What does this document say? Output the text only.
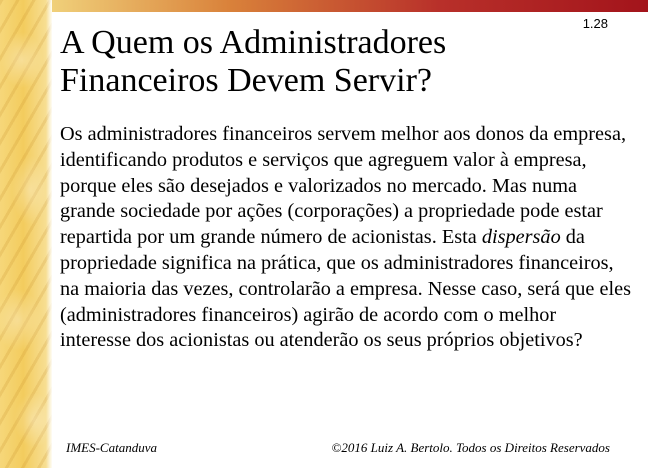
A Quem os Administradores
Financeiros Devem Servir?
1.28

Os administradores financeiros servem melhor aos donos da empresa, identificando produtos e serviços que agreguem valor à empresa, porque eles são desejados e valorizados no mercado. Mas numa grande sociedade por ações (corporações) a propriedade pode estar repartida por um grande número de acionistas. Esta dispersão da propriedade significa na prática, que os administradores financeiros, na maioria das vezes, controlarão a empresa. Nesse caso, será que eles (administradores financeiros) agirão de acordo com o melhor interesse dos acionistas ou atenderão os seus próprios objetivos?

IMES-Catanduva	©2016 Luiz A. Bertolo. Todos os Direitos Reservados
